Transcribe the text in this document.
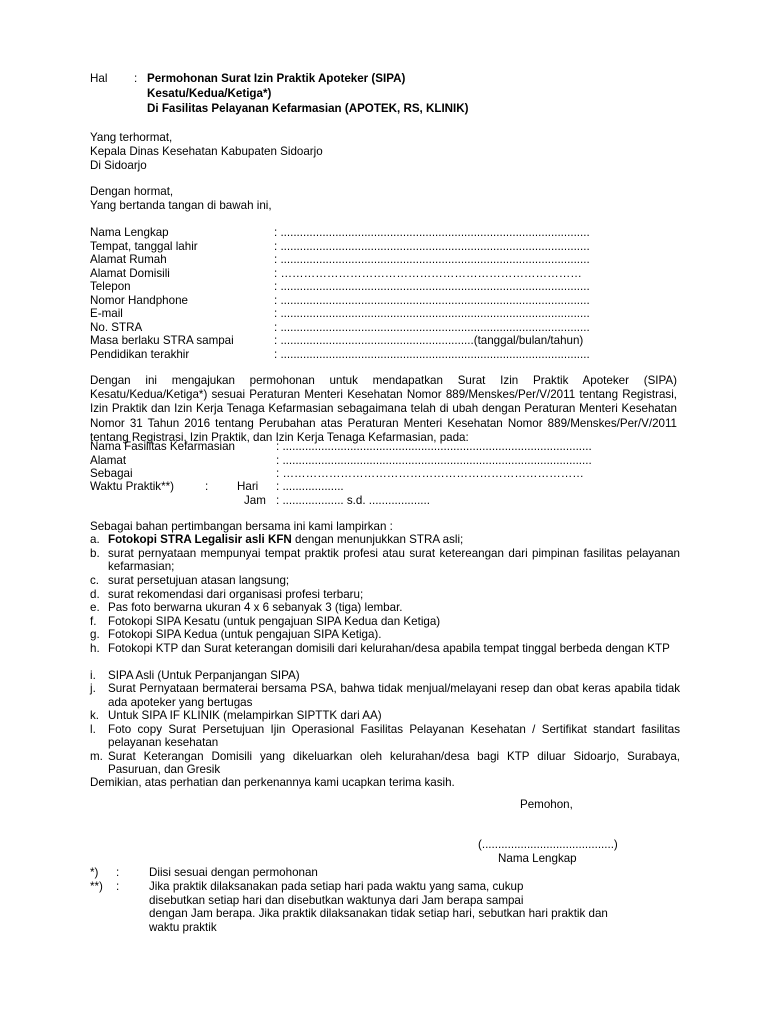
Hal : Permohonan Surat Izin Praktik Apoteker (SIPA)
Kesatu/Kedua/Ketiga*)
Di Fasilitas Pelayanan Kefarmasian (APOTEK, RS, KLINIK)
Yang terhormat,
Kepala Dinas Kesehatan Kabupaten Sidoarjo
Di Sidoarjo
Dengan hormat,
Yang bertanda tangan di bawah ini,
Nama Lengkap	: ................................................................................................
Tempat, tanggal lahir	: ................................................................................................
Alamat Rumah	: ................................................................................................
Alamat Domisili	: ……………………………………………………………………
Telepon	: ................................................................................................
Nomor Handphone	: ................................................................................................
E-mail	: ................................................................................................
No. STRA	: ................................................................................................
Masa berlaku STRA sampai	: ............................................................(tanggal/bulan/tahun)
Pendidikan terakhir	: ................................................................................................
Dengan ini mengajukan permohonan untuk mendapatkan Surat Izin Praktik Apoteker (SIPA) Kesatu/Kedua/Ketiga*) sesuai Peraturan Menteri Kesehatan Nomor 889/Menskes/Per/V/2011 tentang Registrasi, Izin Praktik dan Izin Kerja Tenaga Kefarmasian sebagaimana telah di ubah dengan Peraturan Menteri Kesehatan Nomor 31 Tahun 2016 tentang Perubahan atas Peraturan Menteri Kesehatan Nomor 889/Menskes/Per/V/2011 tentang Registrasi, Izin Praktik, dan Izin Kerja Tenaga Kefarmasian, pada:
Nama Fasilitas Kefarmasian	: ................................................................................................
Alamat	: ................................................................................................
Sebagai	: ……………………………………………………………………
Waktu Praktik**)	: Hari : ...................
Jam : ................... s.d. ...................
Sebagai bahan pertimbangan bersama ini kami lampirkan :
a. Fotokopi STRA Legalisir asli KFN dengan menunjukkan STRA asli;
b. surat pernyataan mempunyai tempat praktik profesi atau surat ketereangan dari pimpinan fasilitas pelayanan kefarmasian;
c. surat persetujuan atasan langsung;
d. surat rekomendasi dari organisasi profesi terbaru;
e. Pas foto berwarna ukuran 4 x 6 sebanyak 3 (tiga) lembar.
f. Fotokopi SIPA Kesatu (untuk pengajuan SIPA Kedua dan Ketiga)
g. Fotokopi SIPA Kedua (untuk pengajuan SIPA Ketiga).
h. Fotokopi KTP dan Surat keterangan domisili dari kelurahan/desa apabila tempat tinggal berbeda dengan KTP
i. SIPA Asli (Untuk Perpanjangan SIPA)
j. Surat Pernyataan bermaterai bersama PSA, bahwa tidak menjual/melayani resep dan obat keras apabila tidak ada apoteker yang bertugas
k. Untuk SIPA IF KLINIK (melampirkan SIPTTK dari AA)
l. Foto copy Surat Persetujuan Ijin Operasional Fasilitas Pelayanan Kesehatan / Sertifikat standart fasilitas pelayanan kesehatan
m. Surat Keterangan Domisili yang dikeluarkan oleh kelurahan/desa bagi KTP diluar Sidoarjo, Surabaya, Pasuruan, dan Gresik
Demikian, atas perhatian dan perkenannya kami ucapkan terima kasih.
Pemohon,
(.........................................)
Nama Lengkap
*) :	Diisi sesuai dengan permohonan
**) :	Jika praktik dilaksanakan pada setiap hari pada waktu yang sama, cukup
disebutkan setiap hari dan disebutkan waktunya dari Jam berapa sampai
dengan Jam berapa. Jika praktik dilaksanakan tidak setiap hari, sebutkan hari praktik dan
waktu praktik
